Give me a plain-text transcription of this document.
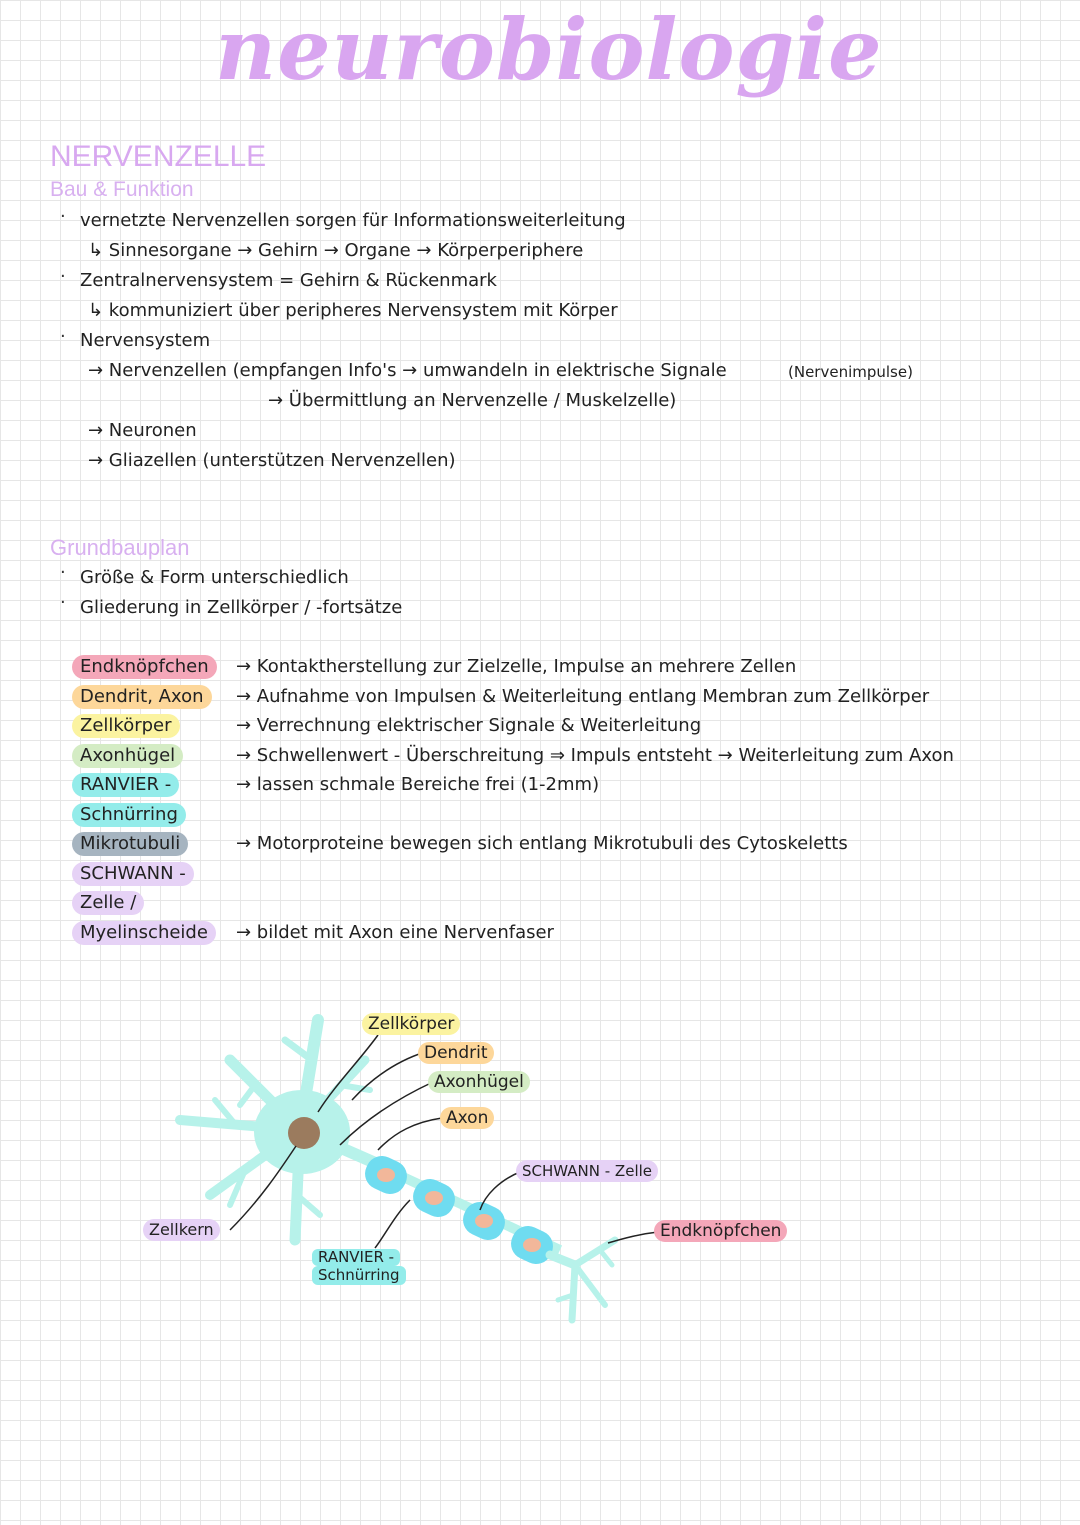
neurobiologie
NERVENZELLE
Bau & Funktion
· vernetzte Nervenzellen sorgen für Informationsweiterleitung
↳ Sinnesorgane → Gehirn → Organe → Körperperiphere
· Zentralnervensystem = Gehirn & Rückenmark
↳ kommuniziert über peripheres Nervensystem mit Körper
· Nervensystem
→ Nervenzellen (empfangen Info's → umwandeln in elektrische Signale	(Nervenimpulse)
→ Übermittlung an Nervenzelle / Muskelzelle)
→ Neuronen
→ Gliazellen (unterstützen Nervenzellen)
Grundbauplan
· Größe & Form unterschiedlich
· Gliederung in Zellkörper / -fortsätze
Endknöpfchen	→ Kontaktherstellung zur Zielzelle, Impulse an mehrere Zellen
Dendrit, Axon	→ Aufnahme von Impulsen & Weiterleitung entlang Membran zum Zellkörper
Zellkörper	→ Verrechnung elektrischer Signale & Weiterleitung
Axonhügel	→ Schwellenwert - Überschreitung ⇒ Impuls entsteht → Weiterleitung zum Axon
RANVIER -	→ lassen schmale Bereiche frei (1-2mm)
Schnürring
Mikrotubuli	→ Motorproteine bewegen sich entlang Mikrotubuli des Cytoskeletts
SCHWANN -
Zelle /
Myelinscheide	→ bildet mit Axon eine Nervenfaser
Zellkörper
Dendrit
Axonhügel
Axon
SCHWANN - Zelle
Endknöpfchen
Zellkern
RANVIER -
Schnürring
